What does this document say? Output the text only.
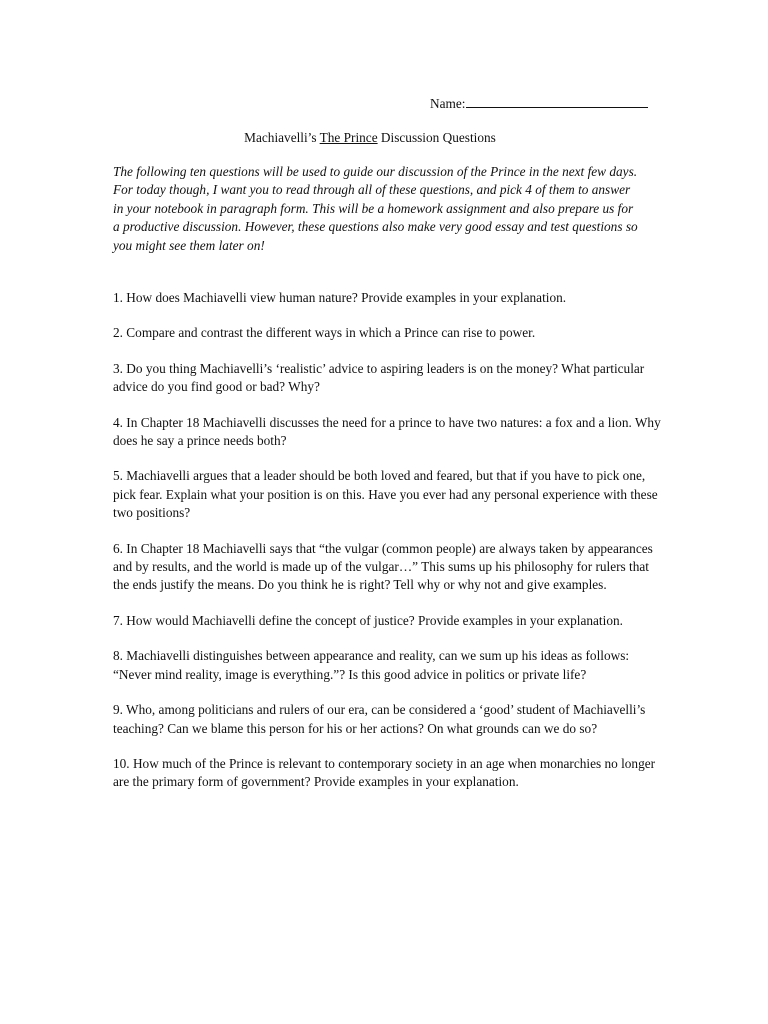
Name:
Machiavelli’s The Prince Discussion Questions
The following ten questions will be used to guide our discussion of the Prince in the next few days. For today though, I want you to read through all of these questions, and pick 4 of them to answer in your notebook in paragraph form. This will be a homework assignment and also prepare us for a productive discussion. However, these questions also make very good essay and test questions so you might see them later on!
1. How does Machiavelli view human nature? Provide examples in your explanation.
2. Compare and contrast the different ways in which a Prince can rise to power.
3. Do you thing Machiavelli’s ‘realistic’ advice to aspiring leaders is on the money? What particular advice do you find good or bad? Why?
4. In Chapter 18 Machiavelli discusses the need for a prince to have two natures: a fox and a lion. Why does he say a prince needs both?
5. Machiavelli argues that a leader should be both loved and feared, but that if you have to pick one, pick fear. Explain what your position is on this. Have you ever had any personal experience with these two positions?
6. In Chapter 18 Machiavelli says that “the vulgar (common people) are always taken by appearances and by results, and the world is made up of the vulgar…” This sums up his philosophy for rulers that the ends justify the means. Do you think he is right? Tell why or why not and give examples.
7. How would Machiavelli define the concept of justice? Provide examples in your explanation.
8. Machiavelli distinguishes between appearance and reality, can we sum up his ideas as follows: “Never mind reality, image is everything.”? Is this good advice in politics or private life?
9. Who, among politicians and rulers of our era, can be considered a ‘good’ student of Machiavelli’s teaching? Can we blame this person for his or her actions? On what grounds can we do so?
10. How much of the Prince is relevant to contemporary society in an age when monarchies no longer are the primary form of government? Provide examples in your explanation.
